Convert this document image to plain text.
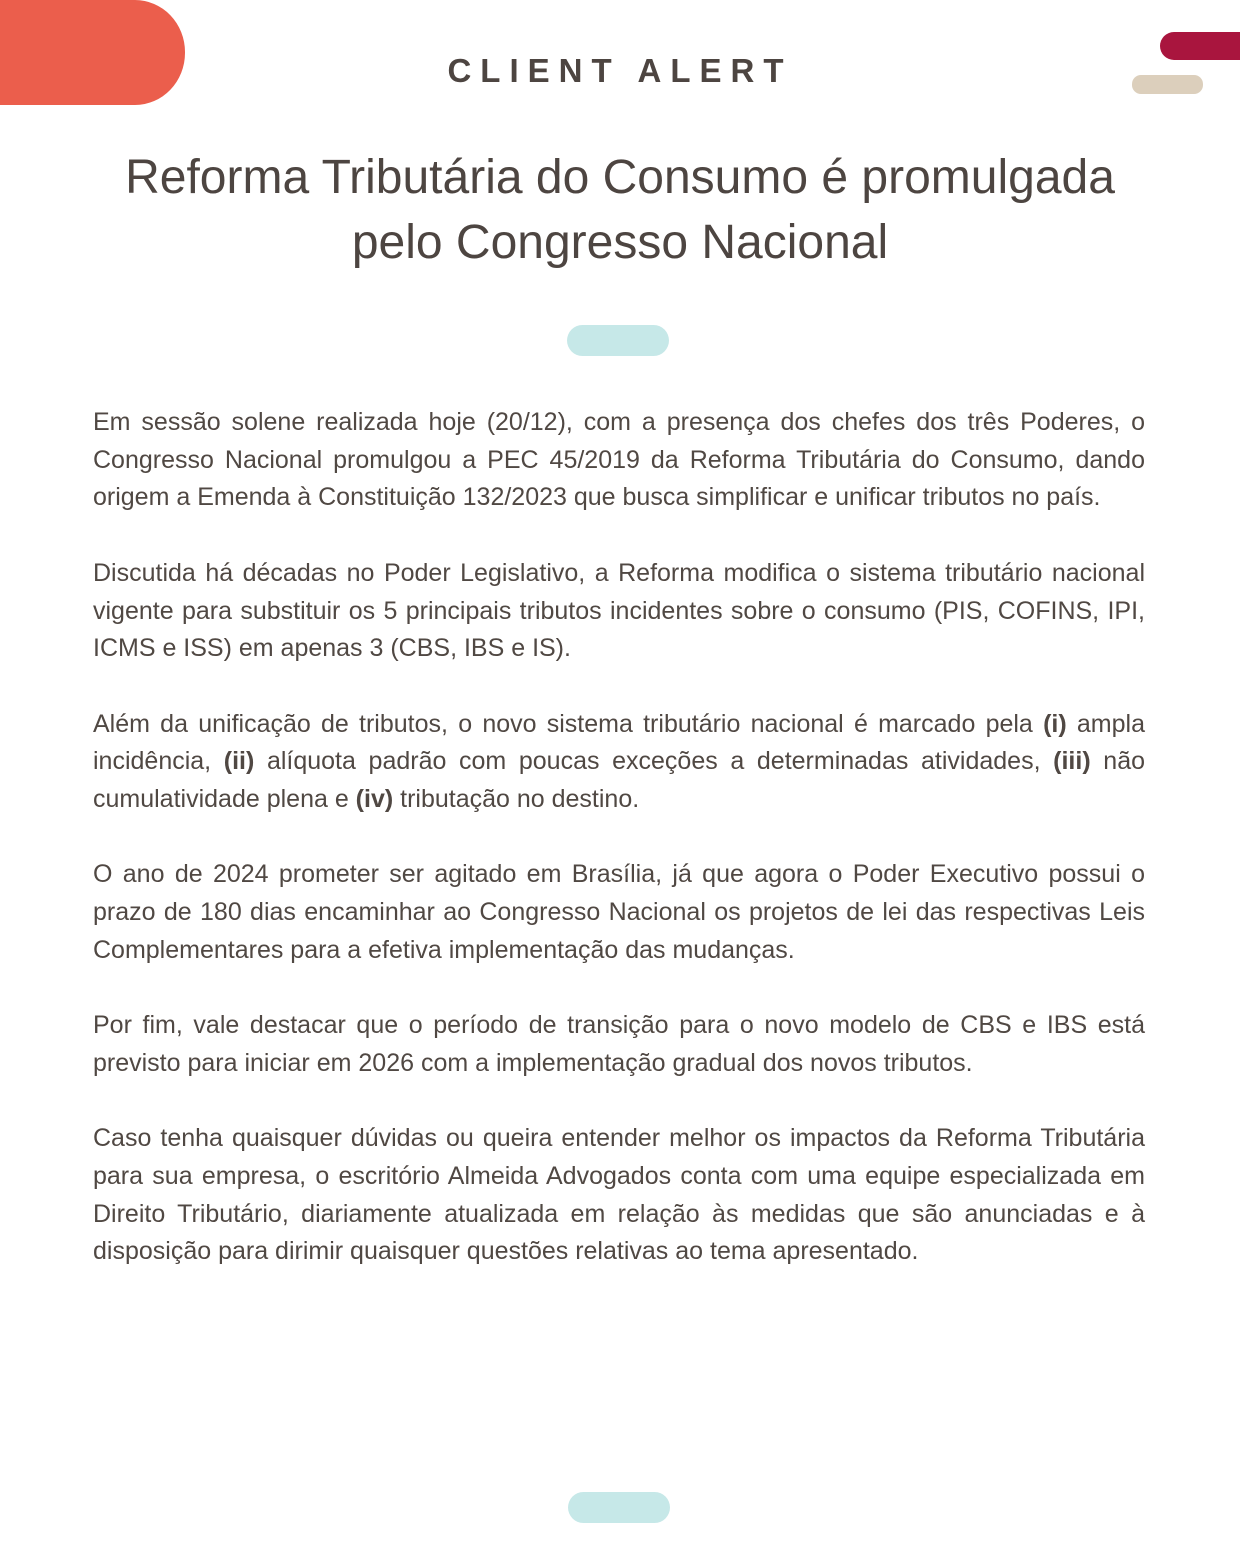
CLIENT ALERT
Reforma Tributária do Consumo é promulgada
pelo Congresso Nacional

Em sessão solene realizada hoje (20/12), com a presença dos chefes dos três Poderes, o Congresso Nacional promulgou a PEC 45/2019 da Reforma Tributária do Consumo, dando origem a Emenda à Constituição 132/2023 que busca simplificar e unificar tributos no país.

Discutida há décadas no Poder Legislativo, a Reforma modifica o sistema tributário nacional vigente para substituir os 5 principais tributos incidentes sobre o consumo (PIS, COFINS, IPI, ICMS e ISS) em apenas 3 (CBS, IBS e IS).

Além da unificação de tributos, o novo sistema tributário nacional é marcado pela (i) ampla incidência, (ii) alíquota padrão com poucas exceções a determinadas atividades, (iii) não cumulatividade plena e (iv) tributação no destino.

O ano de 2024 prometer ser agitado em Brasília, já que agora o Poder Executivo possui o prazo de 180 dias encaminhar ao Congresso Nacional os projetos de lei das respectivas Leis Complementares para a efetiva implementação das mudanças.

Por fim, vale destacar que o período de transição para o novo modelo de CBS e IBS está previsto para iniciar em 2026 com a implementação gradual dos novos tributos.

Caso tenha quaisquer dúvidas ou queira entender melhor os impactos da Reforma Tributária para sua empresa, o escritório Almeida Advogados conta com uma equipe especializada em Direito Tributário, diariamente atualizada em relação às medidas que são anunciadas e à disposição para dirimir quaisquer questões relativas ao tema apresentado.
